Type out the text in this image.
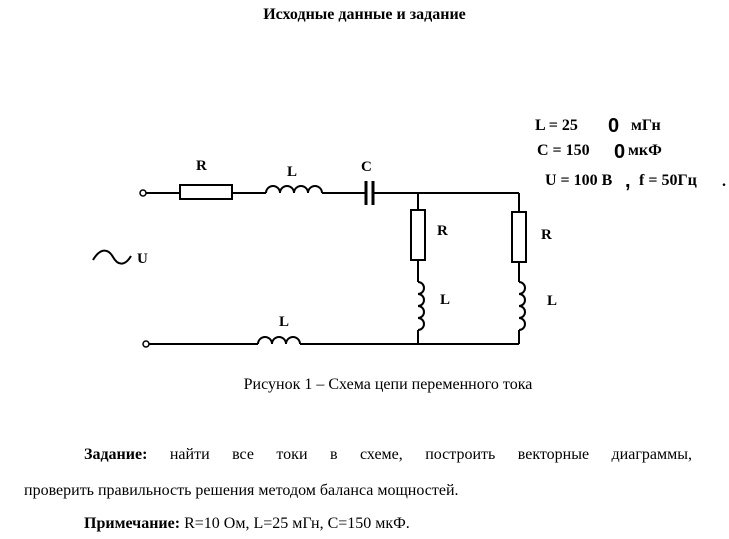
Исходные данные и задание
R	L	C
R
L
R
L
L
U
L = 25 0 мГн
C = 150 0 мкФ
U = 100 В , f = 50Гц .
Рисунок 1 – Схема цепи переменного тока
Задание: найти все токи в схеме, построить векторные диаграммы,
проверить правильность решения методом баланса мощностей.
Примечание: R=10 Ом, L=25 мГн, С=150 мкФ.
